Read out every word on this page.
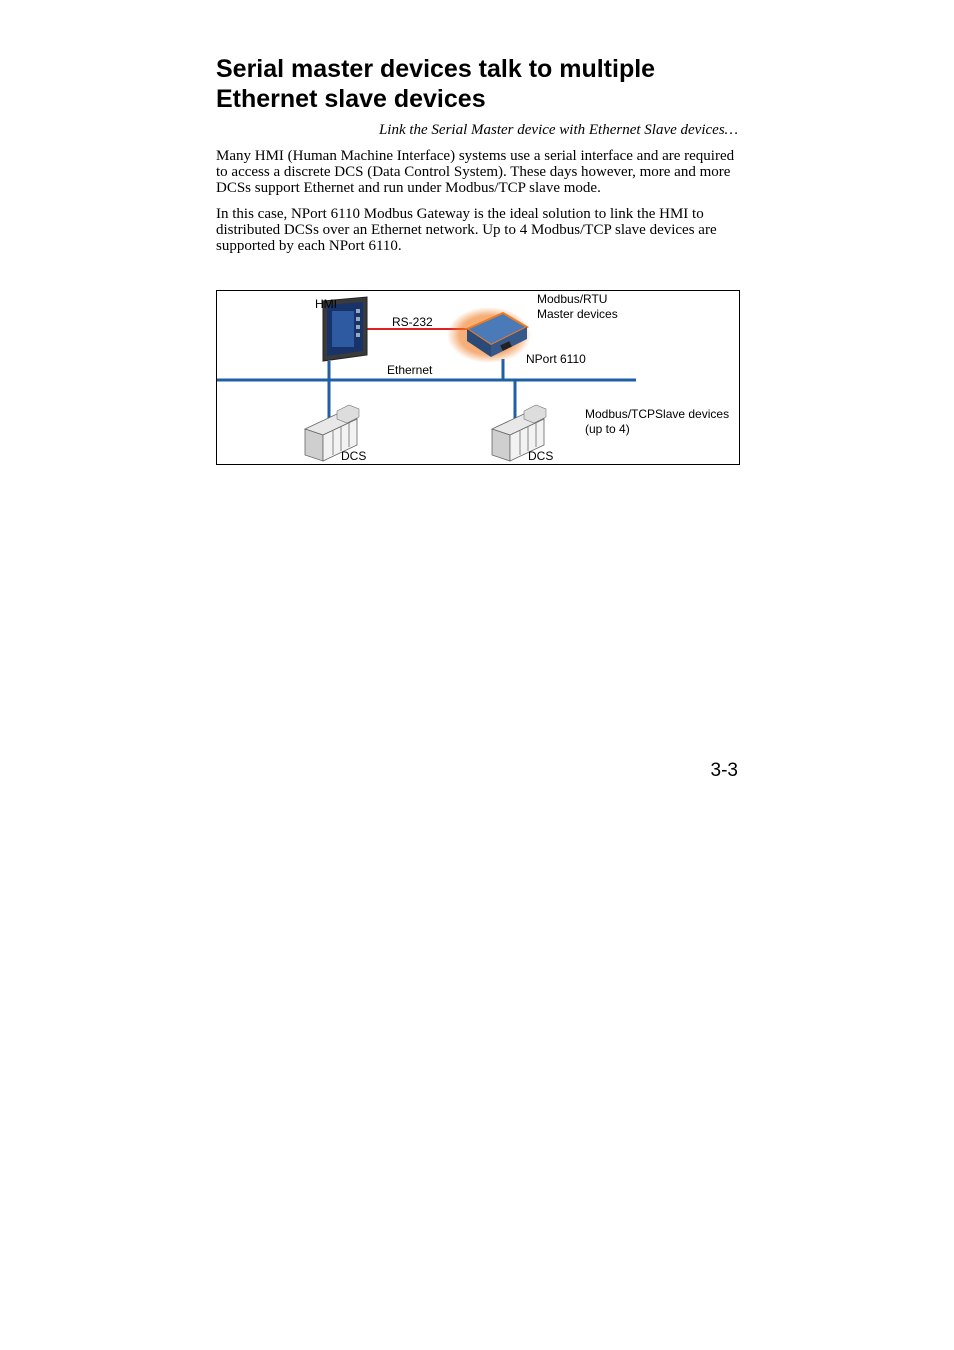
Serial master devices talk to multiple
Ethernet slave devices
Link the Serial Master device with Ethernet Slave devices…

Many HMI (Human Machine Interface) systems use a serial interface and are required to access a discrete DCS (Data Control System). These days however, more and more DCSs support Ethernet and run under Modbus/TCP slave mode.

In this case, NPort 6110 Modbus Gateway is the ideal solution to link the HMI to distributed DCSs over an Ethernet network. Up to 4 Modbus/TCP slave devices are supported by each NPort 6110.

HMI
RS-232
Modbus/RTU
Master devices
NPort 6110
Ethernet
Modbus/TCPSlave devices
(up to 4)
DCS	DCS
3-3
